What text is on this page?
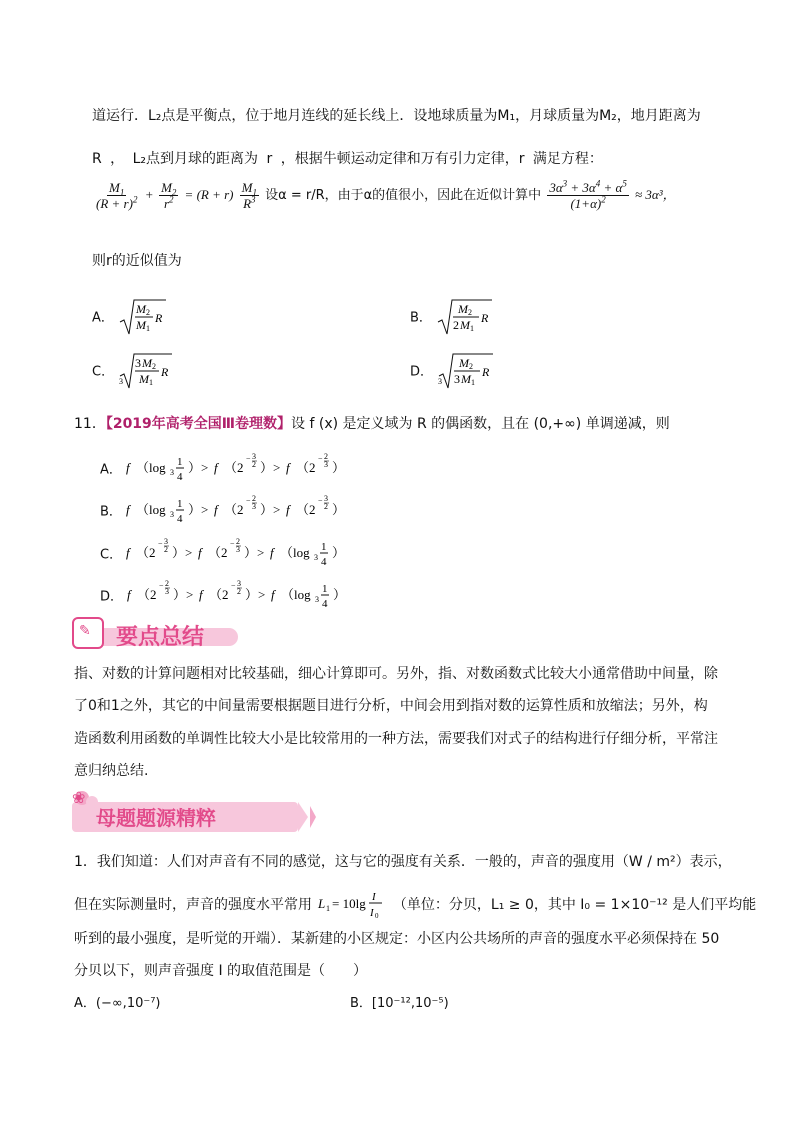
道运行．L₂点是平衡点，位于地月连线的延长线上．设地球质量为M₁，月球质量为M₂，地月距离为
R ， L₂点到月球的距离为 r ，根据牛顿运动定律和万有引力定律，r 满足方程：
$\frac{M_1}{(R + r)^2} + \frac{M_2}{r^2} = (R + r) \frac{M_1}{R^3}$ 设α = r/R，由于α的值很小，因此在近似计算中 $\frac{3\alpha^3 + 3\alpha^4 + \alpha^5}{(1+\alpha)^2} \approx 3\alpha^3$，
则r的近似值为
A．
M 2
M 1
R	B．
M 2
2 M 1
R
C．
3
3 M 2
M 1
R	D．
3
M 2
3 M 1
R
11．【2019年高考全国Ⅲ卷理数】设 f (x) 是定义域为 R 的偶函数，且在 (0,+∞) 单调递减，则
A． f （log 3
1
4
）> f （2
− 3
2 ）> f （2
− 2
3 ）
B． f （log 3
1
4
）> f （2
− 2
3 ）> f （2
− 3
2 ）
C． f （2
− 3
2 ）> f （2
− 2
3 ）> f （log 3
1
4
）
D． f （2
− 2
3 ）> f （2
− 3
2 ）> f （log 3
1
4
）
✎ 要点总结
指、对数的计算问题相对比较基础，细心计算即可。另外，指、对数函数式比较大小通常借助中间量，除
了0和1之外，其它的中间量需要根据题目进行分析，中间会用到指对数的运算性质和放缩法；另外，构
造函数利用函数的单调性比较大小是比较常用的一种方法，需要我们对式子的结构进行仔细分析，平常注
意归纳总结.
❀
母题题源精粹
1．我们知道：人们对声音有不同的感觉，这与它的强度有关系．一般的，声音的强度用（W / m²）表示，
但在实际测量时，声音的强度水平常用 L 1 = 10lg I
I 0
（单位：分贝，L₁ ≥ 0，其中 I₀ = 1×10⁻¹² 是人们平均能
听到的最小强度，是听觉的开端）．某新建的小区规定：小区内公共场所的声音的强度水平必须保持在 50
分贝以下，则声音强度 I 的取值范围是（　　）
A．(−∞,10⁻⁷)	B．[10⁻¹²,10⁻⁵)
